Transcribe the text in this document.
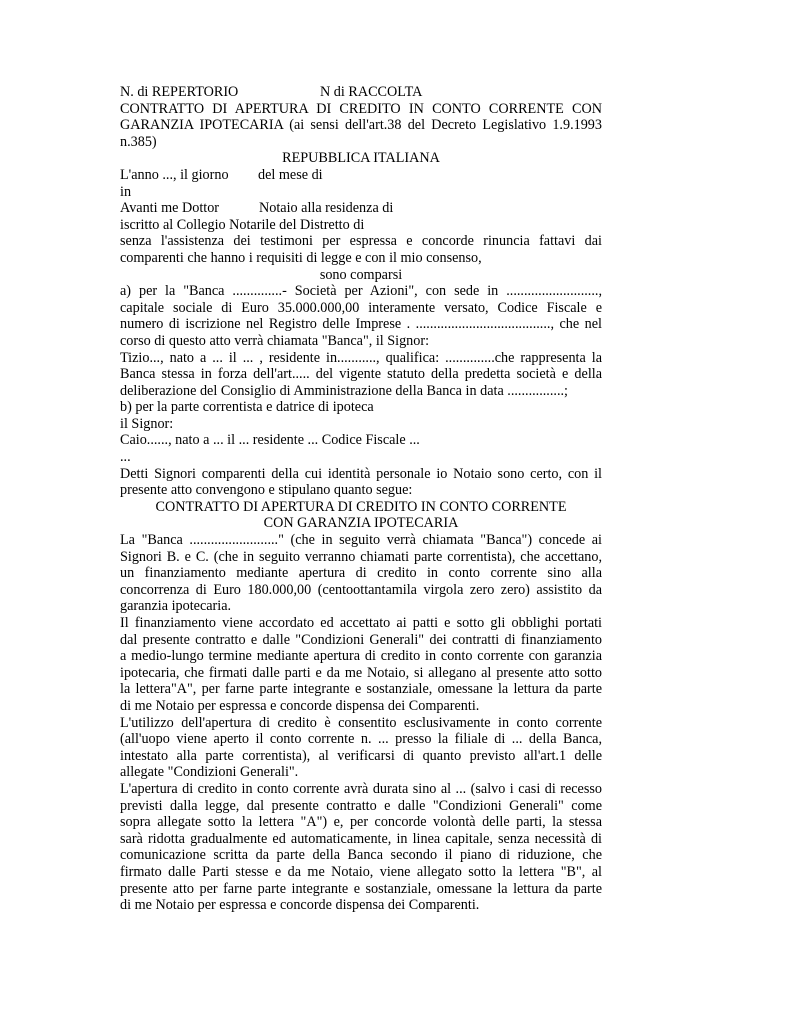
N. di REPERTORIO	N di RACCOLTA
CONTRATTO DI APERTURA DI CREDITO IN CONTO CORRENTE CON
GARANZIA IPOTECARIA (ai sensi dell'art.38 del Decreto Legislativo 1.9.1993
n.385)
REPUBBLICA ITALIANA
L'anno ..., il giorno del mese di
in
Avanti me Dottor	Notaio alla residenza di
iscritto al Collegio Notarile del Distretto di
senza l'assistenza dei testimoni per espressa e concorde rinuncia fattavi dai
comparenti che hanno i requisiti di legge e con il mio consenso,
sono comparsi
a) per la "Banca ..............- Società per Azioni", con sede in ..........................,
capitale sociale di Euro 35.000.000,00 interamente versato, Codice Fiscale e
numero di iscrizione nel Registro delle Imprese . ......................................, che nel
corso di questo atto verrà chiamata "Banca", il Signor:
Tizio..., nato a ... il ... , residente in..........., qualifica: ..............che rappresenta la
Banca stessa in forza dell'art..... del vigente statuto della predetta società e della
deliberazione del Consiglio di Amministrazione della Banca in data ................;
b) per la parte correntista e datrice di ipoteca
il Signor:
Caio......, nato a ... il ... residente ... Codice Fiscale ...
...
Detti Signori comparenti della cui identità personale io Notaio sono certo, con il
presente atto convengono e stipulano quanto segue:
CONTRATTO DI APERTURA DI CREDITO IN CONTO CORRENTE
CON GARANZIA IPOTECARIA
La "Banca ........................." (che in seguito verrà chiamata "Banca") concede ai
Signori B. e C. (che in seguito verranno chiamati parte correntista), che accettano,
un finanziamento mediante apertura di credito in conto corrente sino alla
concorrenza di Euro 180.000,00 (centoottantamila virgola zero zero) assistito da
garanzia ipotecaria.
Il finanziamento viene accordato ed accettato ai patti e sotto gli obblighi portati
dal presente contratto e dalle "Condizioni Generali" dei contratti di finanziamento
a medio-lungo termine mediante apertura di credito in conto corrente con garanzia
ipotecaria, che firmati dalle parti e da me Notaio, si allegano al presente atto sotto
la lettera"A", per farne parte integrante e sostanziale, omessane la lettura da parte
di me Notaio per espressa e concorde dispensa dei Comparenti.
L'utilizzo dell'apertura di credito è consentito esclusivamente in conto corrente
(all'uopo viene aperto il conto corrente n. ... presso la filiale di ... della Banca,
intestato alla parte correntista), al verificarsi di quanto previsto all'art.1 delle
allegate "Condizioni Generali".
L'apertura di credito in conto corrente avrà durata sino al ... (salvo i casi di recesso
previsti dalla legge, dal presente contratto e dalle "Condizioni Generali" come
sopra allegate sotto la lettera "A") e, per concorde volontà delle parti, la stessa
sarà ridotta gradualmente ed automaticamente, in linea capitale, senza necessità di
comunicazione scritta da parte della Banca secondo il piano di riduzione, che
firmato dalle Parti stesse e da me Notaio, viene allegato sotto la lettera "B", al
presente atto per farne parte integrante e sostanziale, omessane la lettura da parte
di me Notaio per espressa e concorde dispensa dei Comparenti.
